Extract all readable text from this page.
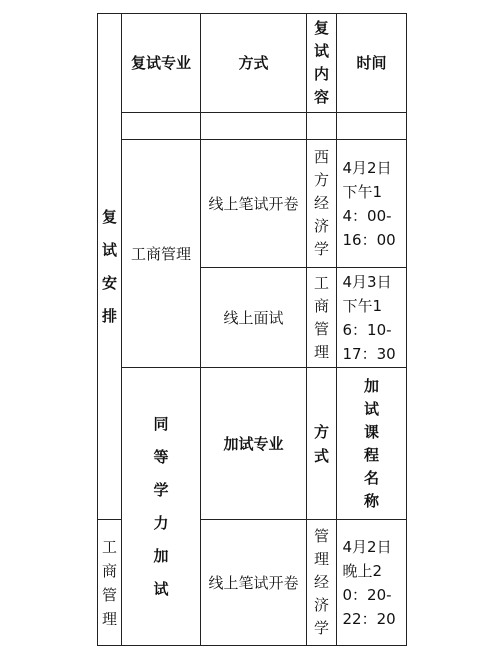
复试安排	复试专业	方式	复试内容	时间	

	工商管理	线上笔试开卷	西方经济学	4月2日下午14：00-16：00	

		线上面试	工商管理	4月3日下午16：10-17：30	

	同等学力加试	加试专业	方式	加试课程名称	

工商管理		线上笔试开卷	管理经济学	4月2日晚上20：20-22：20	
